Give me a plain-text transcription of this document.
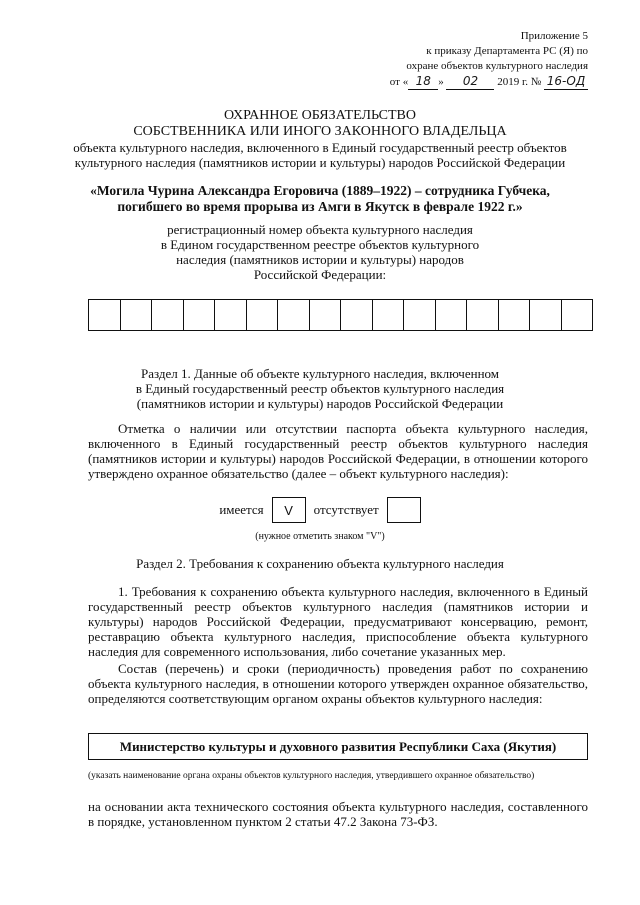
Приложение 5
к приказу Департамента РС (Я) по
охране объектов культурного наследия
от « 18 » 02 2019 г. № 16-ОД
ОХРАННОЕ ОБЯЗАТЕЛЬСТВО
СОБСТВЕННИКА ИЛИ ИНОГО ЗАКОННОГО ВЛАДЕЛЬЦА
объекта культурного наследия, включенного в Единый государственный реестр объектов
культурного наследия (памятников истории и культуры) народов Российской Федерации
«Могила Чурина Александра Егоровича (1889–1922) – сотрудника Губчека,
погибшего во время прорыва из Амги в Якутск в феврале 1922 г.»
регистрационный номер объекта культурного наследия
в Едином государственном реестре объектов культурного
наследия (памятников истории и культуры) народов
Российской Федерации:
Раздел 1. Данные об объекте культурного наследия, включенном
в Единый государственный реестр объектов культурного наследия
(памятников истории и культуры) народов Российской Федерации
Отметка о наличии или отсутствии паспорта объекта культурного наследия, включенного в Единый государственный реестр объектов культурного наследия (памятников истории и культуры) народов Российской Федерации, в отношении которого утверждено охранное обязательство (далее – объект культурного наследия):
имеется	V	отсутствует
(нужное отметить знаком "V")
Раздел 2. Требования к сохранению объекта культурного наследия
1. Требования к сохранению объекта культурного наследия, включенного в Единый государственный реестр объектов культурного наследия (памятников истории и культуры) народов Российской Федерации, предусматривают консервацию, ремонт, реставрацию объекта культурного наследия, приспособление объекта культурного наследия для современного использования, либо сочетание указанных мер.
Состав (перечень) и сроки (периодичность) проведения работ по сохранению объекта культурного наследия, в отношении которого утвержден охранное обязательство, определяются соответствующим органом охраны объектов культурного наследия:
Министерство культуры и духовного развития Республики Саха (Якутия)
(указать наименование органа охраны объектов культурного наследия, утвердившего охранное обязательство)
на основании акта технического состояния объекта культурного наследия, составленного в порядке, установленном пунктом 2 статьи 47.2 Закона 73-ФЗ.
